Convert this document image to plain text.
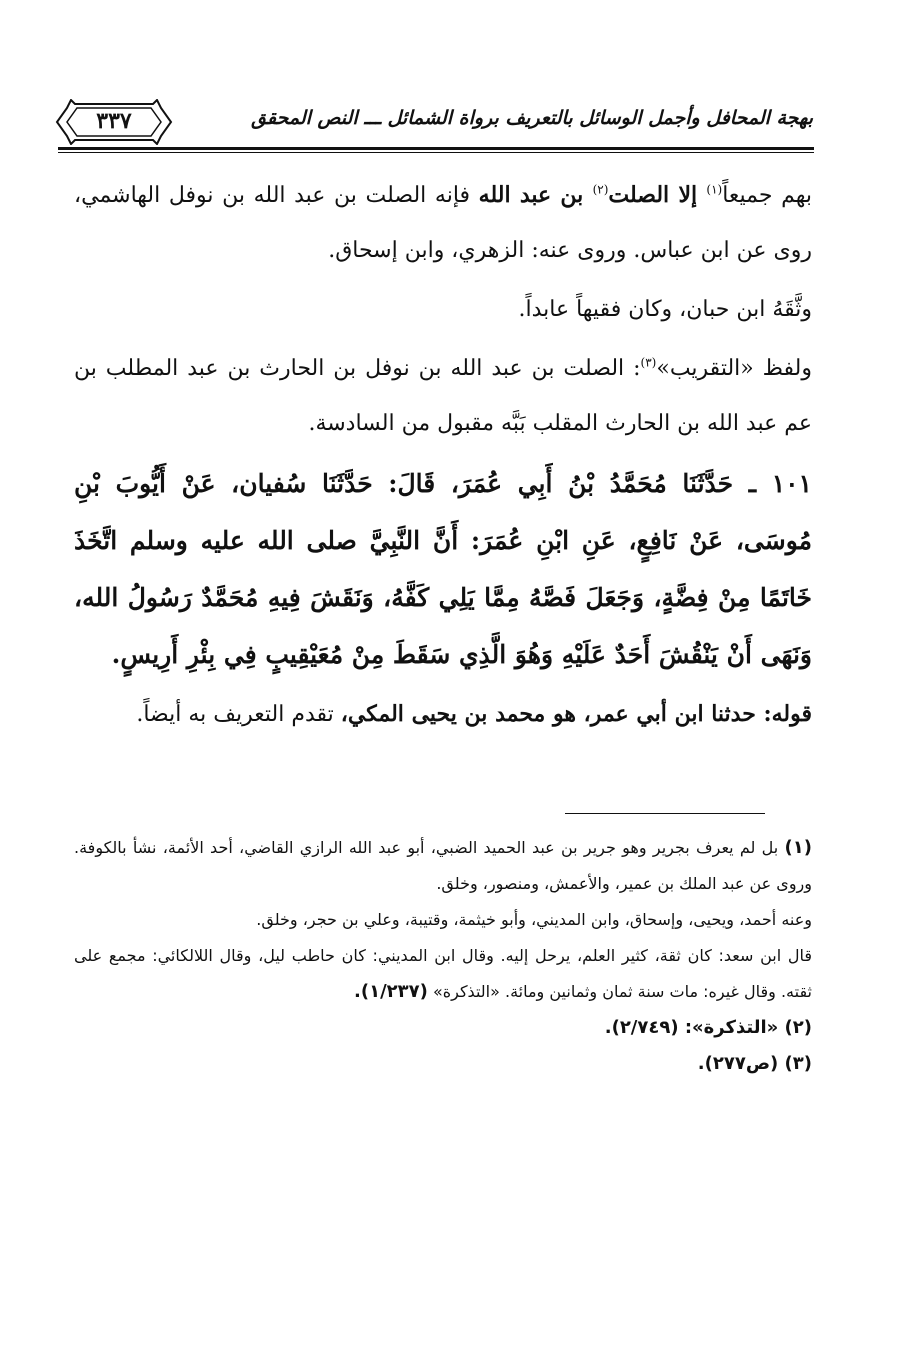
بهجة المحافل وأجمل الوسائل بالتعريف برواة الشمائل ـــ النص المحقق
٣٣٧

بهم جميعاً$^{(١)}$ إلا الصلت$^{(٢)}$ بن عبد الله فإنه الصلت بن عبد الله بن نوفل الهاشمي، روى عن ابن عباس. وروى عنه: الزهري، وابن إسحاق.

وثَّقَهُ ابن حبان، وكان فقيهاً عابداً.

ولفظ «التقريب»$^{(٣)}$: الصلت بن عبد الله بن نوفل بن الحارث بن عبد المطلب بن عم عبد الله بن الحارث المقلب بَبَّه مقبول من السادسة.

١٠١ ـ حَدَّثَنَا مُحَمَّدُ بْنُ أَبِي عُمَرَ، قَالَ: حَدَّثَنَا سُفيان، عَنْ أَيُّوبَ بْنِ مُوسَى، عَنْ نَافِعٍ، عَنِ ابْنِ عُمَرَ: أَنَّ النَّبِيَّ صلى الله عليه وسلم اتَّخَذَ خَاتَمًا مِنْ فِضَّةٍ، وَجَعَلَ فَصَّهُ مِمَّا يَلِي كَفَّهُ، وَنَقَشَ فِيهِ مُحَمَّدٌ رَسُولُ الله، وَنَهَى أَنْ يَنْقُشَ أَحَدٌ عَلَيْهِ وَهُوَ الَّذِي سَقَطَ مِنْ مُعَيْقِيبٍ فِي بِئْرِ أَرِيسٍ.

قوله: حدثنا ابن أبي عمر، هو محمد بن يحيى المكي، تقدم التعريف به أيضاً.

(١) بل لم يعرف بجرير وهو جرير بن عبد الحميد الضبي، أبو عبد الله الرازي القاضي، أحد الأئمة، نشأ بالكوفة. وروى عن عبد الملك بن عمير، والأعمش، ومنصور، وخلق.

وعنه أحمد، ويحيى، وإسحاق، وابن المديني، وأبو خيثمة، وقتيبة، وعلي بن حجر، وخلق.

قال ابن سعد: كان ثقة، كثير العلم، يرحل إليه. وقال ابن المديني: كان حاطب ليل، وقال اللالكائي: مجمع على ثقته. وقال غيره: مات سنة ثمان وثمانين ومائة. «التذكرة» (١/٢٣٧).

(٢) «التذكرة»: (٢/٧٤٩).

(٣) (ص٢٧٧).
